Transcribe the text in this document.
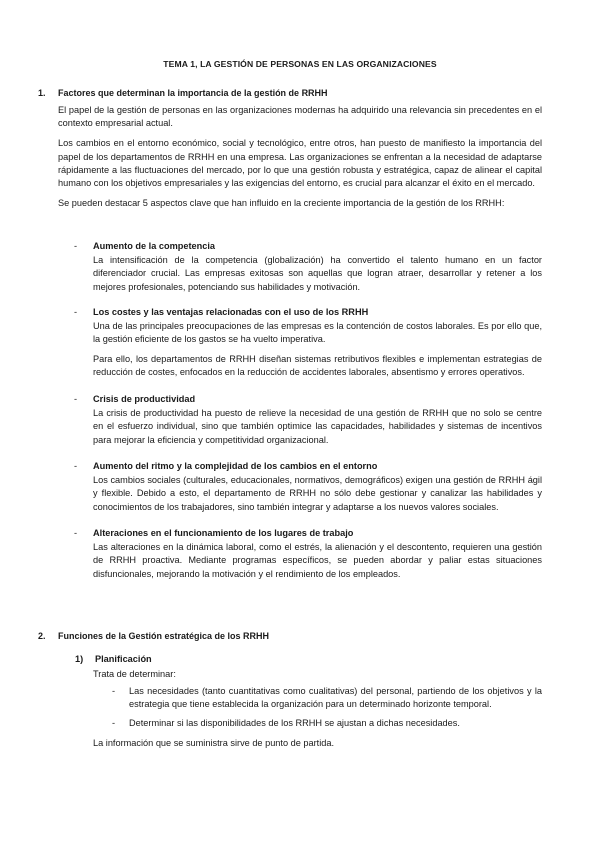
TEMA 1, LA GESTIÓN DE PERSONAS EN LAS ORGANIZACIONES
1. Factores que determinan la importancia de la gestión de RRHH

El papel de la gestión de personas en las organizaciones modernas ha adquirido una relevancia sin precedentes en el contexto empresarial actual.

Los cambios en el entorno económico, social y tecnológico, entre otros, han puesto de manifiesto la importancia del papel de los departamentos de RRHH en una empresa. Las organizaciones se enfrentan a la necesidad de adaptarse rápidamente a las fluctuaciones del mercado, por lo que una gestión robusta y estratégica, capaz de alinear el capital humano con los objetivos empresariales y las exigencias del entorno, es crucial para alcanzar el éxito en el mercado.

Se pueden destacar 5 aspectos clave que han influido en la creciente importancia de la gestión de los RRHH:

- Aumento de la competencia

La intensificación de la competencia (globalización) ha convertido el talento humano en un factor diferenciador crucial. Las empresas exitosas son aquellas que logran atraer, desarrollar y retener a los mejores profesionales, potenciando sus habilidades y motivación.

- Los costes y las ventajas relacionadas con el uso de los RRHH

Una de las principales preocupaciones de las empresas es la contención de costos laborales. Es por ello que, la gestión eficiente de los gastos se ha vuelto imperativa.

Para ello, los departamentos de RRHH diseñan sistemas retributivos flexibles e implementan estrategias de reducción de costes, enfocados en la reducción de accidentes laborales, absentismo y errores operativos.

- Crisis de productividad

La crisis de productividad ha puesto de relieve la necesidad de una gestión de RRHH que no solo se centre en el esfuerzo individual, sino que también optimice las capacidades, habilidades y sistemas de incentivos para mejorar la eficiencia y competitividad organizacional.

- Aumento del ritmo y la complejidad de los cambios en el entorno

Los cambios sociales (culturales, educacionales, normativos, demográficos) exigen una gestión de RRHH ágil y flexible. Debido a esto, el departamento de RRHH no sólo debe gestionar y canalizar las habilidades y conocimientos de los trabajadores, sino también integrar y adaptarse a los nuevos valores sociales.

- Alteraciones en el funcionamiento de los lugares de trabajo

Las alteraciones en la dinámica laboral, como el estrés, la alienación y el descontento, requieren una gestión de RRHH proactiva. Mediante programas específicos, se pueden abordar y paliar estas situaciones disfuncionales, mejorando la motivación y el rendimiento de los empleados.

2. Funciones de la Gestión estratégica de los RRHH
1) Planificación
Trata de determinar:
- Las necesidades (tanto cuantitativas como cualitativas) del personal, partiendo de los objetivos y la estrategia que tiene establecida la organización para un determinado horizonte temporal.
- Determinar si las disponibilidades de los RRHH se ajustan a dichas necesidades.
La información que se suministra sirve de punto de partida.
